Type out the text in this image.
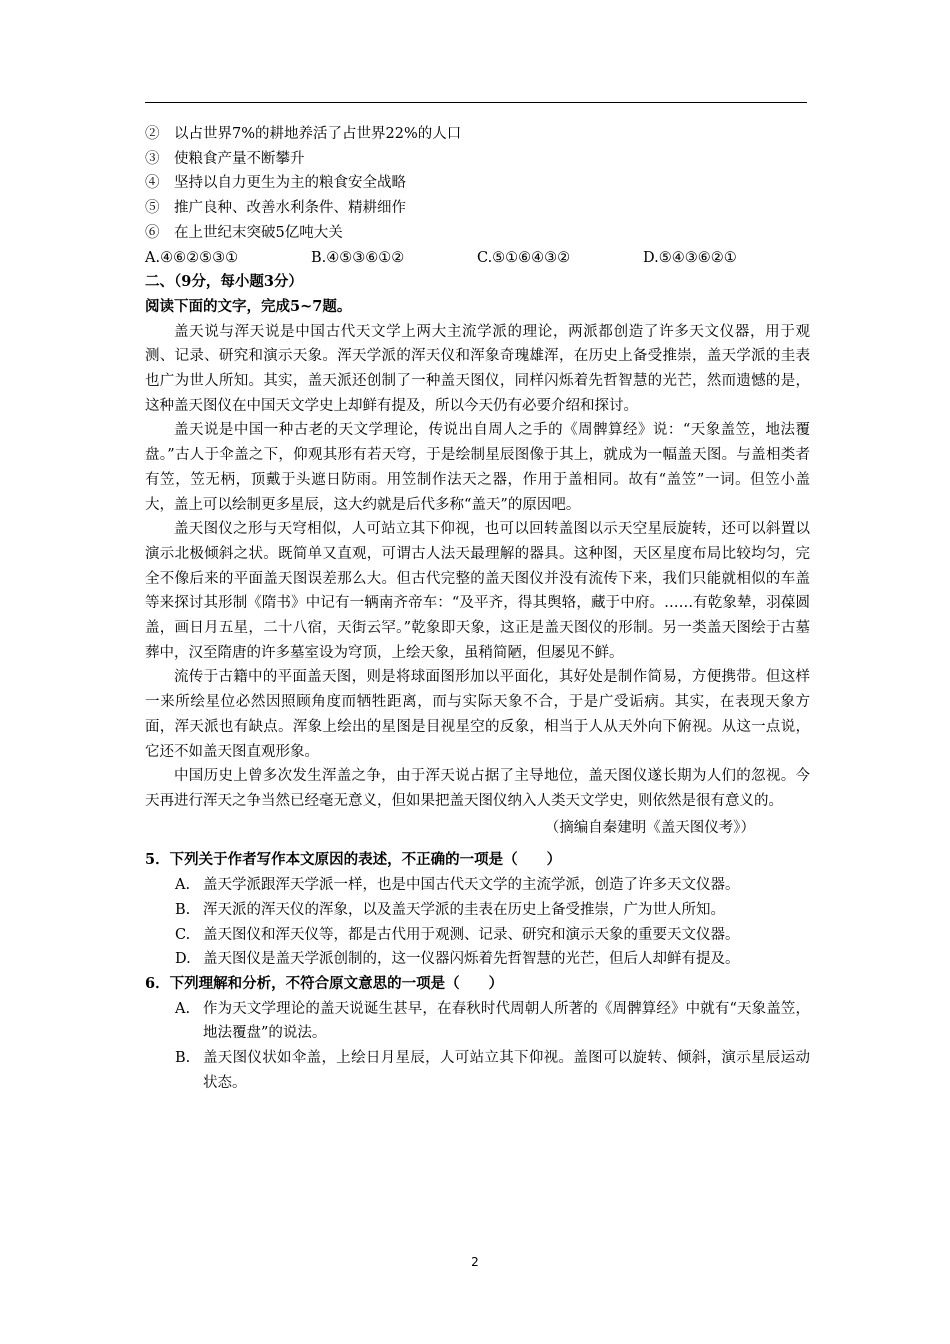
②　以占世界7%的耕地养活了占世界22%的人口
③　使粮食产量不断攀升
④　坚持以自力更生为主的粮食安全战略
⑤　推广良种、改善水利条件、精耕细作
⑥　在上世纪末突破5亿吨大关
A.④⑥②⑤③①	B.④⑤③⑥①②	C.⑤①⑥④③②	D.⑤④③⑥②①
二、（9分，每小题3分）
阅读下面的文字，完成5~7题。

盖天说与浑天说是中国古代天文学上两大主流学派的理论，两派都创造了许多天文仪器，用于观测、记录、研究和演示天象。浑天学派的浑天仪和浑象奇瑰雄浑，在历史上备受推崇，盖天学派的圭表也广为世人所知。其实，盖天派还创制了一种盖天图仪，同样闪烁着先哲智慧的光芒，然而遗憾的是，这种盖天图仪在中国天文学史上却鲜有提及，所以今天仍有必要介绍和探讨。

盖天说是中国一种古老的天文学理论，传说出自周人之手的《周髀算经》说：“天象盖笠，地法覆盘。”古人于伞盖之下，仰观其形有若天穹，于是绘制星辰图像于其上，就成为一幅盖天图。与盖相类者有笠，笠无柄，顶戴于头遮日防雨。用笠制作法天之器，作用于盖相同。故有“盖笠”一词。但笠小盖大，盖上可以绘制更多星辰，这大约就是后代多称“盖天”的原因吧。

盖天图仪之形与天穹相似，人可站立其下仰视，也可以回转盖图以示天空星辰旋转，还可以斜置以演示北极倾斜之状。既简单又直观，可谓古人法天最理解的器具。这种图，天区星度布局比较均匀，完全不像后来的平面盖天图误差那么大。但古代完整的盖天图仪并没有流传下来，我们只能就相似的车盖等来探讨其形制《隋书》中记有一辆南齐帝车：“及平齐，得其舆辂，藏于中府。……有乾象辇，羽葆圆盖，画日月五星，二十八宿，天街云罕。”乾象即天象，这正是盖天图仪的形制。另一类盖天图绘于古墓葬中，汉至隋唐的许多墓室设为穹顶，上绘天象，虽稍简陋，但屡见不鲜。

流传于古籍中的平面盖天图，则是将球面图形加以平面化，其好处是制作简易，方便携带。但这样一来所绘星位必然因照顾角度而牺牲距离，而与实际天象不合，于是广受诟病。其实，在表现天象方面，浑天派也有缺点。浑象上绘出的星图是目视星空的反象，相当于人从天外向下俯视。从这一点说，它还不如盖天图直观形象。

中国历史上曾多次发生浑盖之争，由于浑天说占据了主导地位，盖天图仪遂长期为人们的忽视。今天再进行浑天之争当然已经毫无意义，但如果把盖天图仪纳入人类天文学史，则依然是很有意义的。

（摘编自秦建明《盖天图仪考》）
5．下列关于作者写作本文原因的表述，不正确的一项是（　　）
A. 盖天学派跟浑天学派一样，也是中国古代天文学的主流学派，创造了许多天文仪器。
B. 浑天派的浑天仪的浑象，以及盖天学派的圭表在历史上备受推崇，广为世人所知。
C. 盖天图仪和浑天仪等，都是古代用于观测、记录、研究和演示天象的重要天文仪器。
D. 盖天图仪是盖天学派创制的，这一仪器闪烁着先哲智慧的光芒，但后人却鲜有提及。
6．下列理解和分析，不符合原文意思的一项是（　　）
A. 作为天文学理论的盖天说诞生甚早，在春秋时代周朝人所著的《周髀算经》中就有“天象盖笠，地法覆盘”的说法。
B. 盖天图仪状如伞盖，上绘日月星辰，人可站立其下仰视。盖图可以旋转、倾斜，演示星辰运动状态。
2
